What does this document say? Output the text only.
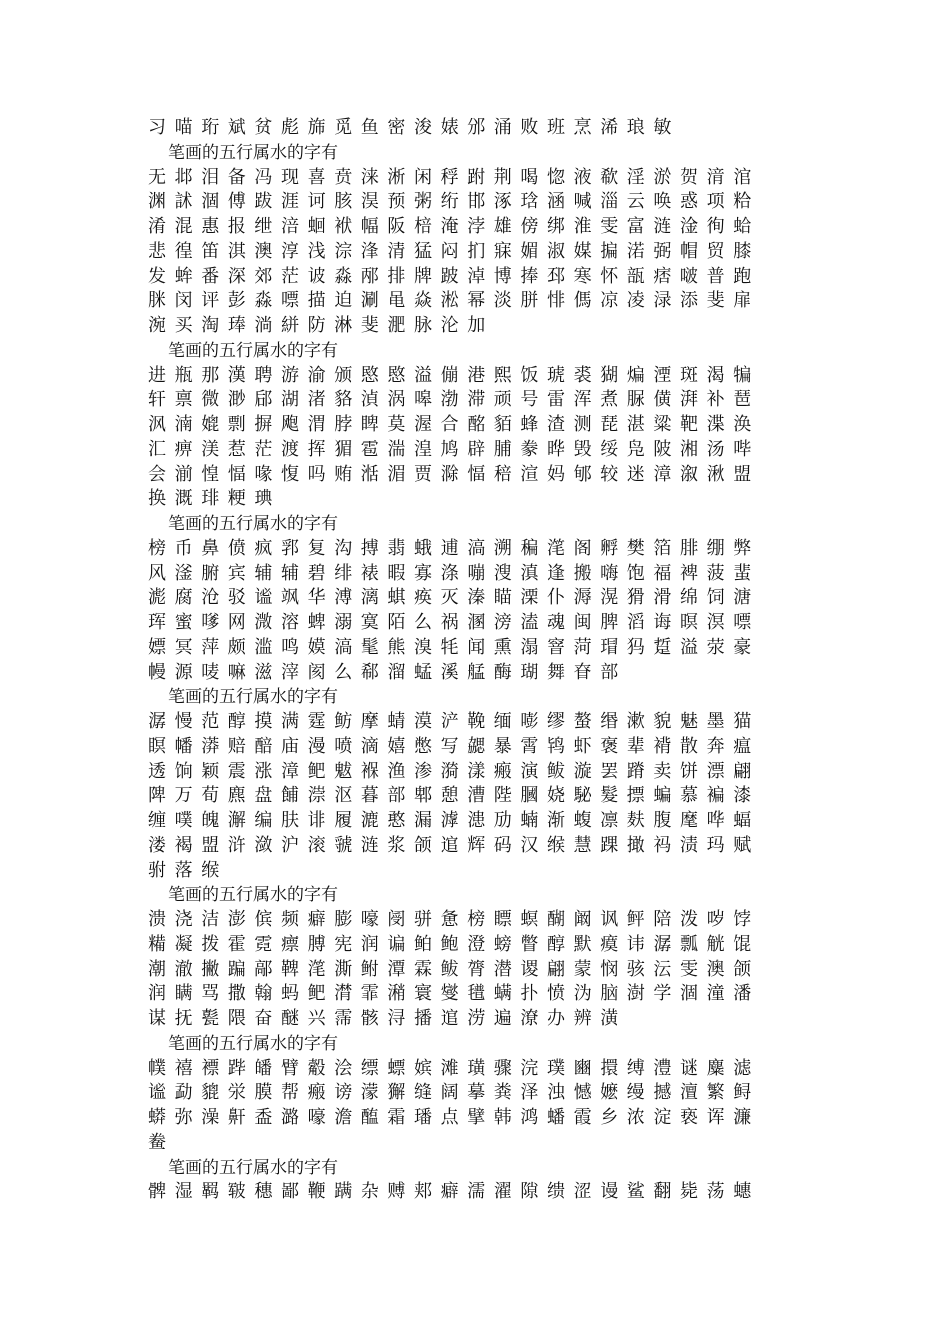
习 喵 珩 斌 贫 彪 旆 觅 鱼 密 浚 婊 邠 涌 败 班 烹 浠 琅 敏
笔画的五行属水的字有
无 邶 泪 备 冯 现 喜 贲 涞 淅 闲 稃 跗 荆 喝 惚 液 欷 淫 淤 贺 湇 涫
渊 訹 涸 傅 跋 涯 诃 胲 淏 预 粥 绗 邯 涿 琀 涵 喊 淄 云 唤 惑 项 粭
淆 混 惠 报 绁 涪 蛔 袱 幅 阪 棓 淹 浡 雄 傍 绑 淮 雯 富 涟 淦 徇 蛤
悲 徨 笛 淇 澳 淳 浅 淙 浲 清 猛 闷 扪 寐 媚 淑 媒 揙 渃 弼 帽 贸 膝
发 蛑 番 深 郊 茫 诐 淼 邴 排 牌 跛 淖 博 捧 邳 寒 怀 瓿 痞 啵 普 跑
脒 闵 评 彭 淼 嘌 描 迫 涮 黾 焱 淞 幂 淡 胼 悱 傌 凉 凌 渌 添 斐 扉
涴 买 淘 琫 淌 絣 防 淋 斐 淝 脉 沦 加
笔画的五行属水的字有
进 瓶 那 漢 聘 游 渝 颁 愍 愍 溢 傰 港 熙 饭 琥 裘 猢 煸 湮 斑 渴 犏
轩 禀 微 渺 郈 湖 渚 貉 湞 涡 嗥 渤 滞 顽 号 雷 浑 煮 脲 僙 湃 补 琶
沨 湳 媲 剽 摒 飑 渭 脖 睥 莫 渥 合 酩 貊 蜂 渣 测 琵 湛 粱 靶 渫 涣
汇 痹 渼 惹 茫 渡 挥 猸 雹 湍 湟 鸠 辟 脯 豢 晔 毁 绥 凫 陂 湘 汤 哔
会 湔 惶 愊 喙 愎 吗 贿 湉 湄 贾 滁 愊 稖 渲 妈 郇 较 迷 漳 溆 湫 盟
换 溉 琲 粳 琠
笔画的五行属水的字有
榜 币 鼻 偾 疯 郛 复 沟 搏 翡 蛾 逋 滈 溯 稨 滗 阁 孵 樊 箔 腓 绷 弊
风 滏 腑 宾 辅 辅 碧 绯 裱 暇 寡 涤 嘣 溲 滇 逢 搬 嗨 饱 福 裨 菠 蜚
滮 腐 沧 驳 谧 飒 华 溥 漓 蜞 痪 灭 溱 瞄 溧 仆 溽 滉 猾 滑 绵 饲 溏
珲 蜜 嗲 网 溦 溶 蜱 溺 寞 陌 么 祸 溷 滂 溘 魂 闽 脾 滔 诲 暝 溟 嘌
嫖 冥 萍 颇 滥 鸣 嫫 滈 髦 熊 溴 牦 闻 熏 溻 窨 菏 瑁 犸 踅 溢 荥 豪
幔 源 唛 嘛 滋 滓 阂 么 郗 溜 蜢 溪 艋 酶 瑚 舞 眘 部
笔画的五行属水的字有
潺 慢 范 醇 摸 满 霆 鲂 摩 蜻 漠 浐 鞔 缅 嘭 缪 螯 缗 漱 貌 魅 墨 猫
瞑 幡 漭 赔 醅 庙 漫 喷 滴 嬉 憋 写 勰 暴 霄 鸨 虾 褒 辈 褙 散 奔 瘟
透 饷 颖 震 涨 漳 鲃 魃 褓 渔 渗 漪 漾 瘢 演 鲅 漩 罢 蹐 卖 饼 漂 翩
陴 万 荀 麃 盘 餔 漴 沤 暮 部 郫 憩 漕 陛 膕 娆 駜 髮 摽 蝙 慕 褊 漆
缠 噗 魄 澥 编 肤 诽 履 漉 憨 漏 滹 漶 劢 蝻 渐 蝮 凛 麸 腹 麾 哗 蝠
溇 褐 盟 浒 潋 沪 滚 虢 涟 浆 颌 逭 辉 码 汉 缑 慧 踝 撖 祃 渍 玛 赋
驸 落 缑
笔画的五行属水的字有
溃 浇 洁 澎 傧 频 癖 膨 嚎 阌 骈 惫 榜 瞟 螟 醐 阚 讽 鲆 陪 泼 哕 饽
糒 凝 拨 霍 霓 瘭 膊 宪 润 谝 鲌 鲍 澄 螃 瞥 醇 默 瘼 讳 潺 瓢 觥 馄
潮 澈 撇 蹁 鄗 鞞 滗 澌 鲋 潭 霖 鲅 膂 潜 谡 翩 蒙 悯 骇 沄 雯 澳 颌
润 瞒 骂 撒 翰 蚂 鲃 潸 霏 潲 寰 燮 氆 螨 扑 愤 沩 脑 澍 学 涸 潼 潘
谋 抚 甏 隈 奋 醚 兴 霈 骸 浔 播 逭 涝 遍 潦 办 辨 潢
笔画的五行属水的字有
幞 禧 褾 跸 皤 臂 觳 浍 缥 螵 嫔 滩 璜 骤 浣 璞 豳 擐 缚 澧 谜 麋 滤
谧 勐 貔 泶 膜 帮 瘢 谤 濛 獬 缝 阔 摹 粪 泽 浊 憾 嬷 缦 撼 澶 繁 鲟
蟒 弥 澡 鼾 盉 潞 嚎 澹 醢 霜 璠 点 擘 韩 鸿 蟠 霞 乡 浓 淀 亵 诨 濂
鲞
笔画的五行属水的字有
髀 湿 羁 皲 穗 鄙 鞭 蹒 杂 赙 郏 癖 濡 濯 隙 缋 涩 谩 鲨 翻 毙 荡 蟪
